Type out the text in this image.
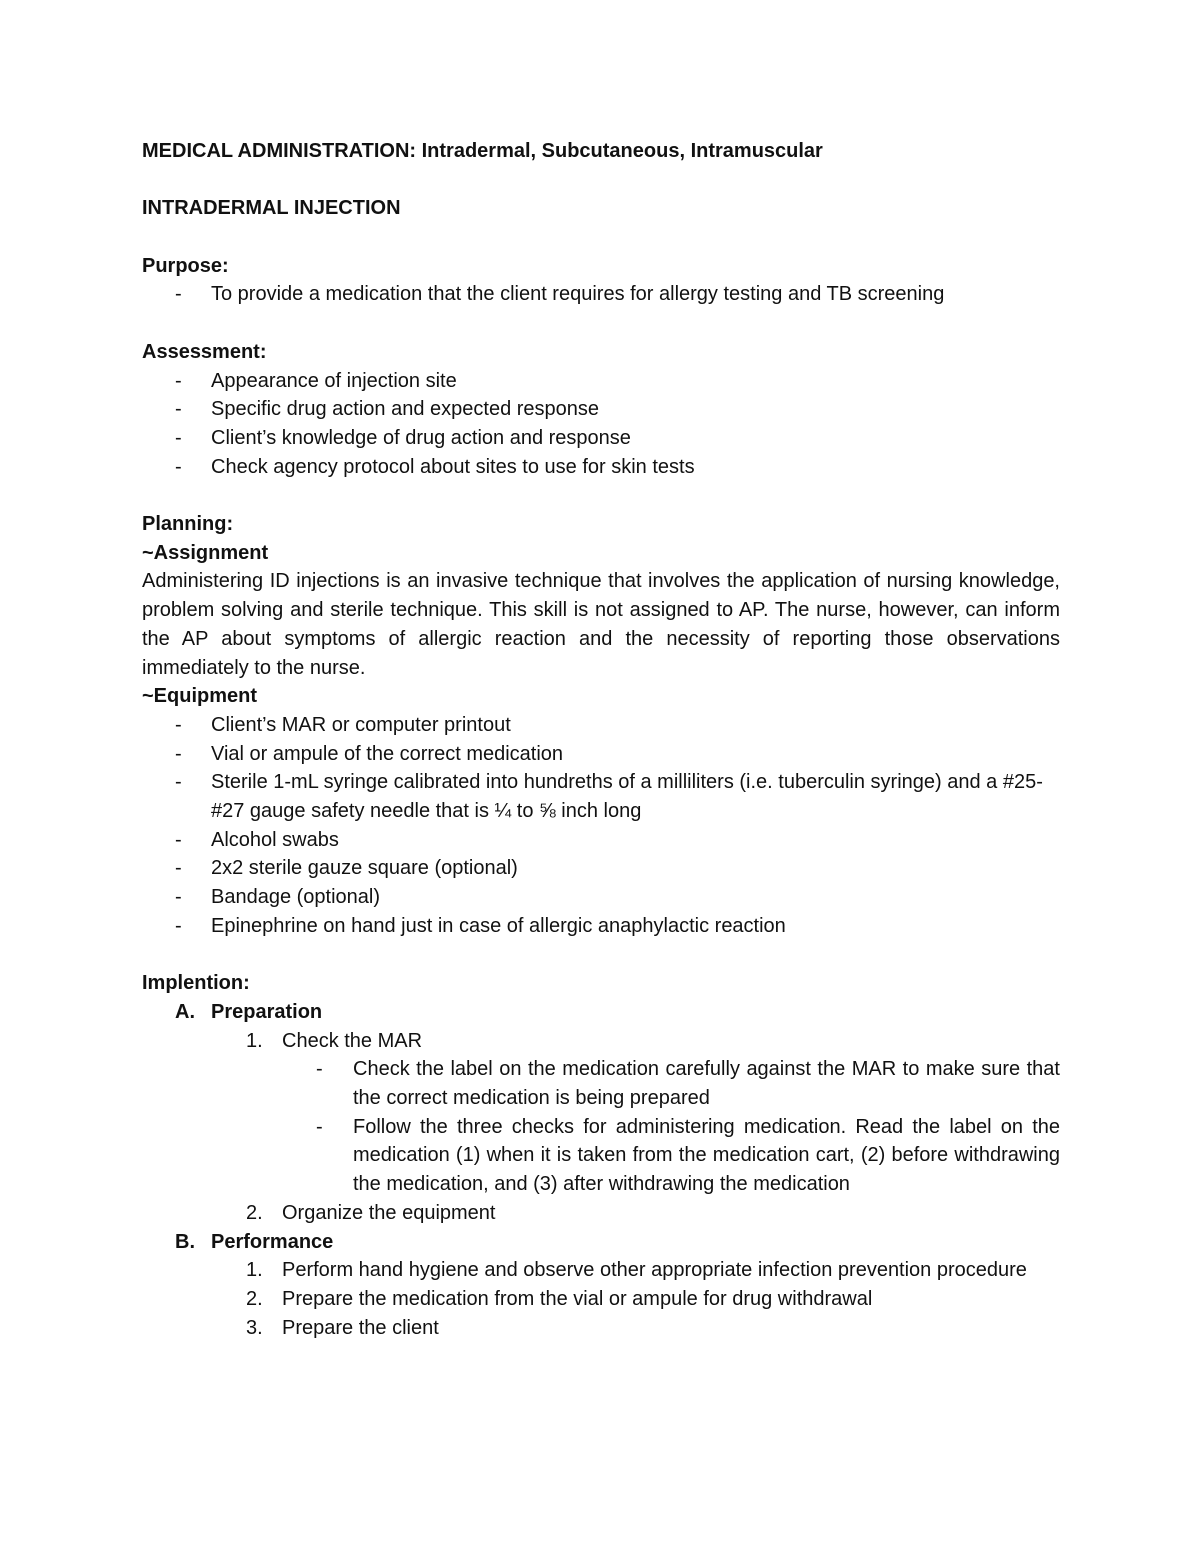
MEDICAL ADMINISTRATION: Intradermal, Subcutaneous, Intramuscular
INTRADERMAL INJECTION
Purpose:
- To provide a medication that the client requires for allergy testing and TB screening
Assessment:
- Appearance of injection site
- Specific drug action and expected response
- Client’s knowledge of drug action and response
- Check agency protocol about sites to use for skin tests
Planning:
~Assignment
Administering ID injections is an invasive technique that involves the application of nursing knowledge, problem solving and sterile technique. This skill is not assigned to AP. The nurse, however, can inform the AP about symptoms of allergic reaction and the necessity of reporting those observations immediately to the nurse.
~Equipment
- Client’s MAR or computer printout
- Vial or ampule of the correct medication
- Sterile 1-mL syringe calibrated into hundreths of a milliliters (i.e. tuberculin syringe) and a #25-#27 gauge safety needle that is ¼ to ⅝ inch long
- Alcohol swabs
- 2x2 sterile gauze square (optional)
- Bandage (optional)
- Epinephrine on hand just in case of allergic anaphylactic reaction
Implention:
A. Preparation
1. Check the MAR
- Check the label on the medication carefully against the MAR to make sure that the correct medication is being prepared
- Follow the three checks for administering medication. Read the label on the medication (1) when it is taken from the medication cart, (2) before withdrawing the medication, and (3) after withdrawing the medication
2. Organize the equipment
B. Performance
1. Perform hand hygiene and observe other appropriate infection prevention procedure
2. Prepare the medication from the vial or ampule for drug withdrawal
3. Prepare the client
